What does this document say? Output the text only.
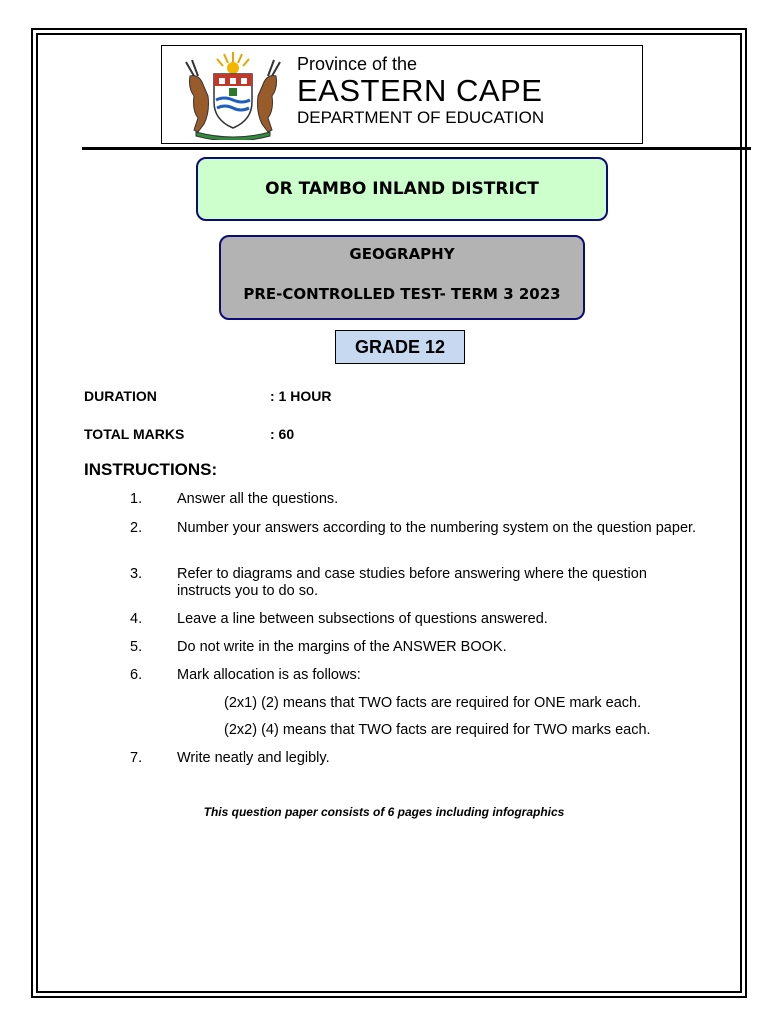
Province of the
EASTERN CAPE
DEPARTMENT OF EDUCATION
OR TAMBO INLAND DISTRICT
GEOGRAPHY
PRE-CONTROLLED TEST- TERM 3 2023
GRADE 12
DURATION	: 1 HOUR
TOTAL MARKS	: 60
INSTRUCTIONS:
1. Answer all the questions.
2. Number your answers according to the numbering system on the question paper.
3. Refer to diagrams and case studies before answering where the question instructs you to do so.
4. Leave a line between subsections of questions answered.
5. Do not write in the margins of the ANSWER BOOK.
6. Mark allocation is as follows:
(2x1) (2) means that TWO facts are required for ONE mark each.
(2x2) (4) means that TWO facts are required for TWO marks each.
7. Write neatly and legibly.
This question paper consists of 6 pages including infographics
